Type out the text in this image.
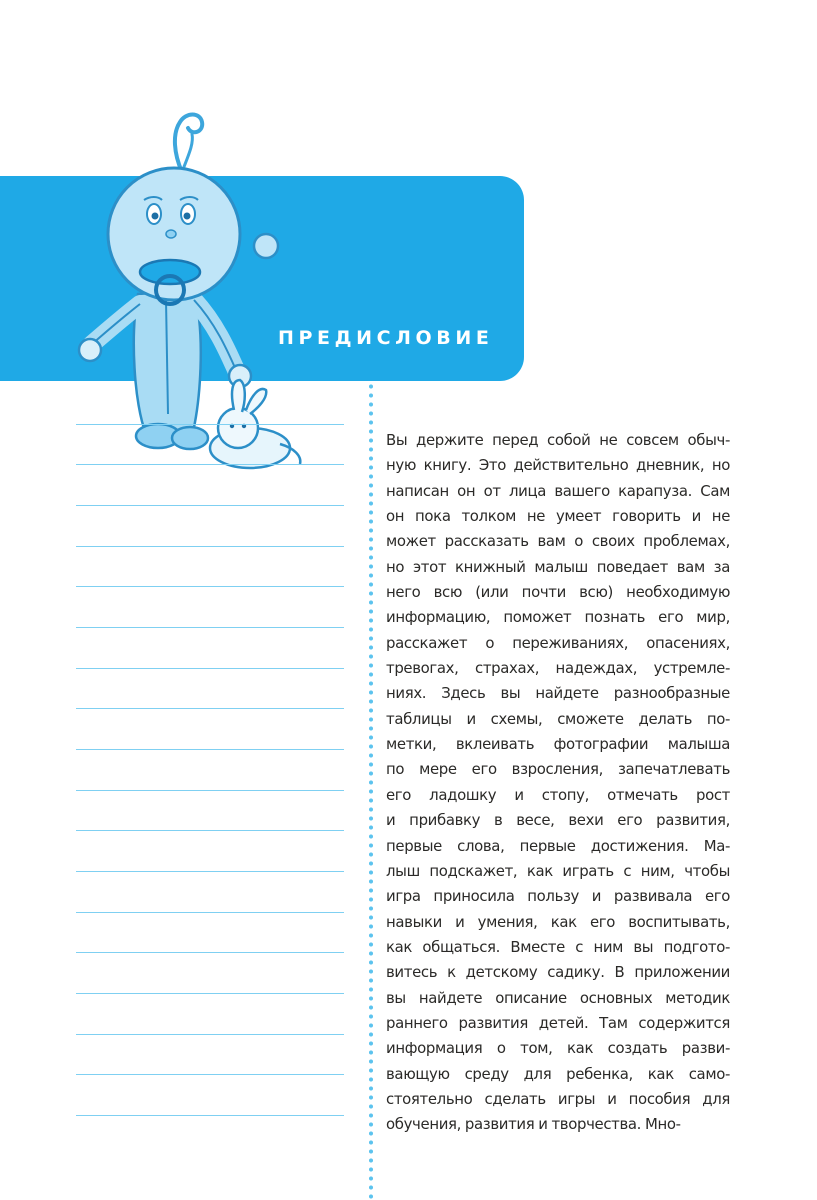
ПРЕДИСЛОВИЕ
Вы держите перед собой не совсем обыч-
ную книгу. Это действительно дневник, но
написан он от лица вашего карапуза. Сам
он пока толком не умеет говорить и не
может рассказать вам о своих проблемах,
но этот книжный малыш поведает вам за
него всю (или почти всю) необходимую
информацию, поможет познать его мир,
расскажет о переживаниях, опасениях,
тревогах, страхах, надеждах, устремле-
ниях. Здесь вы найдете разнообразные
таблицы и схемы, сможете делать по-
метки, вклеивать фотографии малыша
по мере его взросления, запечатлевать
его ладошку и стопу, отмечать рост
и прибавку в весе, вехи его развития,
первые слова, первые достижения. Ма-
лыш подскажет, как играть с ним, чтобы
игра приносила пользу и развивала его
навыки и умения, как его воспитывать,
как общаться. Вместе с ним вы подгото-
витесь к детскому садику. В приложении
вы найдете описание основных методик
раннего развития детей. Там содержится
информация о том, как создать разви-
вающую среду для ребенка, как само-
стоятельно сделать игры и пособия для
обучения, развития и творчества. Мно-
